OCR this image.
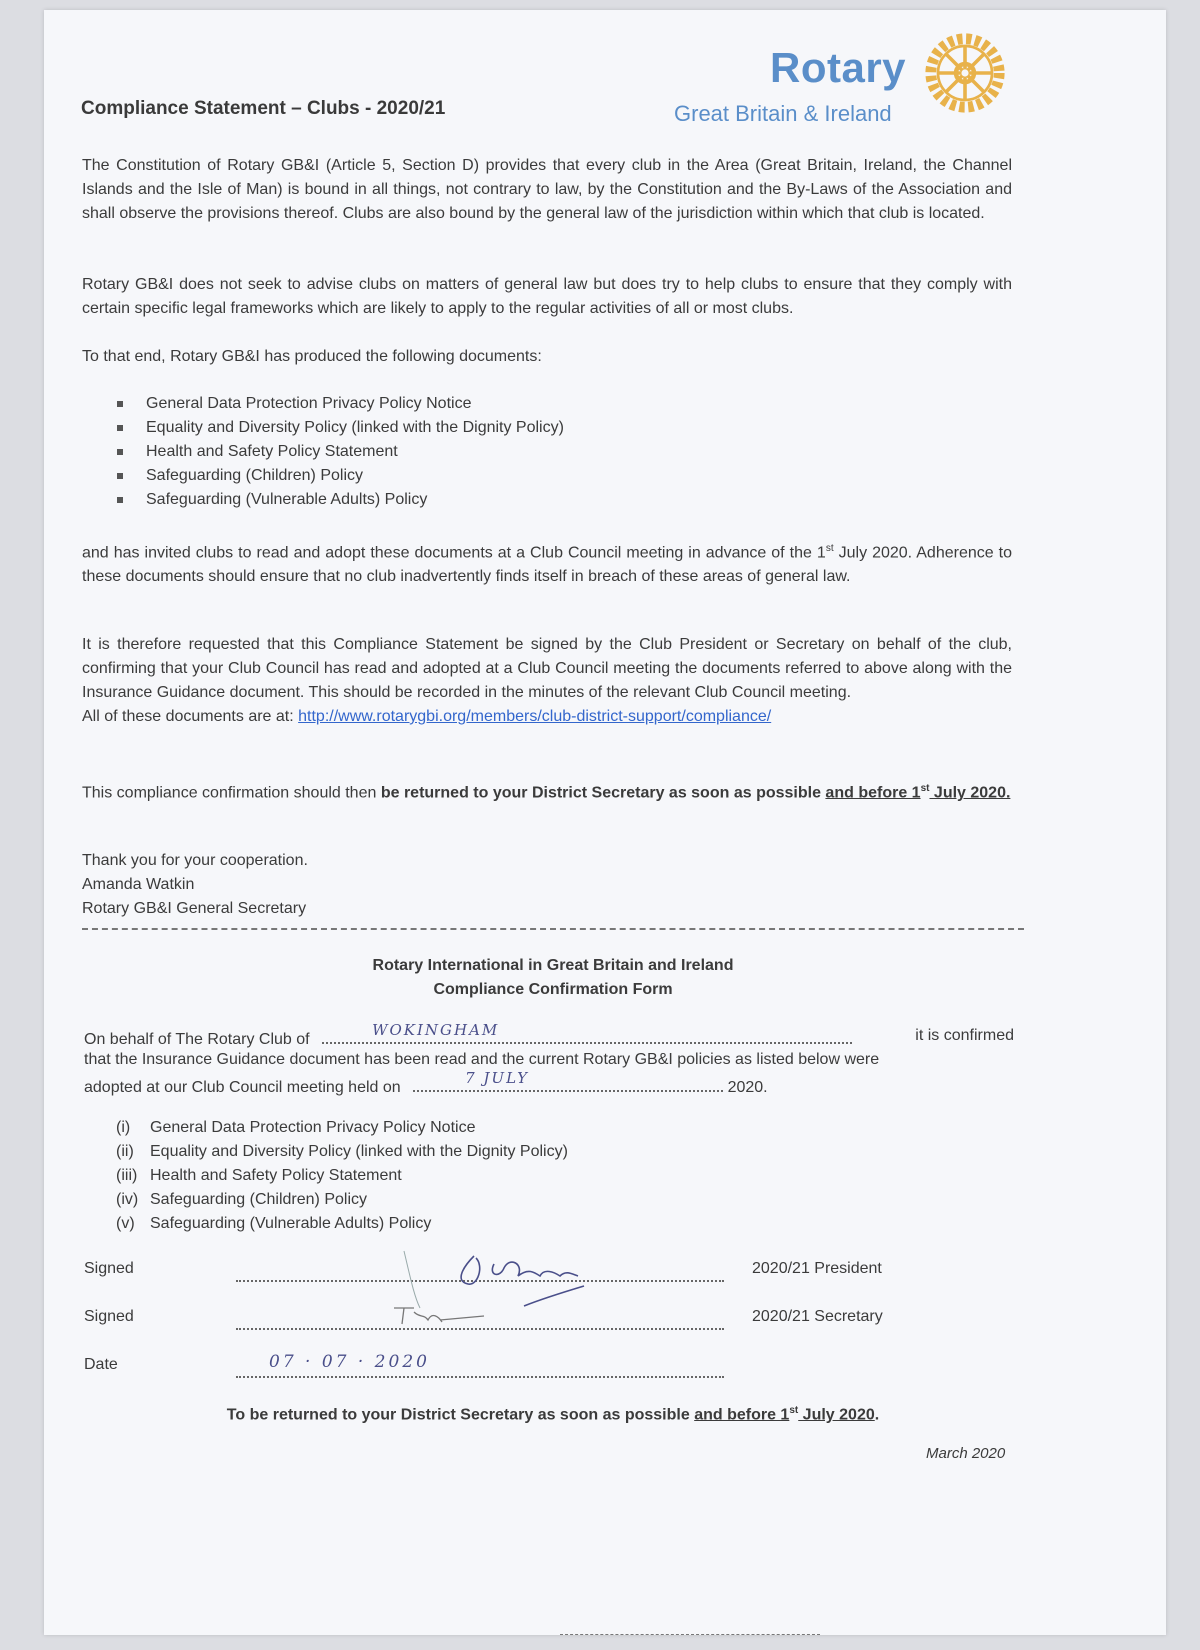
Compliance Statement – Clubs - 2020/21
Rotary
Great Britain & Ireland

The Constitution of Rotary GB&I (Article 5, Section D) provides that every club in the Area (Great Britain, Ireland, the Channel Islands and the Isle of Man) is bound in all things, not contrary to law, by the Constitution and the By-Laws of the Association and shall observe the provisions thereof. Clubs are also bound by the general law of the jurisdiction within which that club is located.

Rotary GB&I does not seek to advise clubs on matters of general law but does try to help clubs to ensure that they comply with certain specific legal frameworks which are likely to apply to the regular activities of all or most clubs.

To that end, Rotary GB&I has produced the following documents:

General Data Protection Privacy Policy Notice
Equality and Diversity Policy (linked with the Dignity Policy)
Health and Safety Policy Statement
Safeguarding (Children) Policy
Safeguarding (Vulnerable Adults) Policy

and has invited clubs to read and adopt these documents at a Club Council meeting in advance of the 1st July 2020. Adherence to these documents should ensure that no club inadvertently finds itself in breach of these areas of general law.

It is therefore requested that this Compliance Statement be signed by the Club President or Secretary on behalf of the club, confirming that your Club Council has read and adopted at a Club Council meeting the documents referred to above along with the Insurance Guidance document. This should be recorded in the minutes of the relevant Club Council meeting.
All of these documents are at: http://www.rotarygbi.org/members/club-district-support/compliance/

This compliance confirmation should then be returned to your District Secretary as soon as possible and before 1st July 2020.

Thank you for your cooperation.
Amanda Watkin
Rotary GB&I General Secretary

Rotary International in Great Britain and Ireland
Compliance Confirmation Form
On behalf of The Rotary Club of
WOKINGHAM	it is confirmed
that the Insurance Guidance document has been read and the current Rotary GB&I policies as listed below were
adopted at our Club Council meeting held on
7 JULY
2020.
(i) General Data Protection Privacy Policy Notice
(ii) Equality and Diversity Policy (linked with the Dignity Policy)
(iii) Health and Safety Policy Statement
(iv) Safeguarding (Children) Policy
(v) Safeguarding (Vulnerable Adults) Policy
Signed	2020/21 President
Signed	2020/21 Secretary
Date	07 · 07 · 2020
To be returned to your District Secretary as soon as possible and before 1st July 2020.
March 2020
